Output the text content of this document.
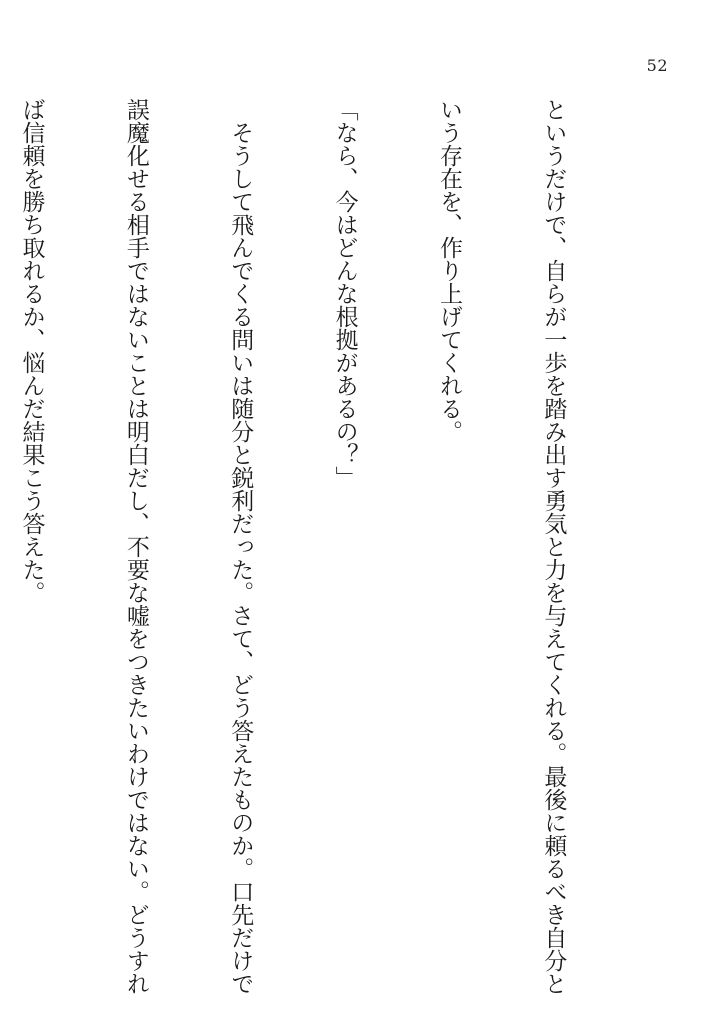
52

というだけで、自らが一歩を踏み出す勇気と力を与えてくれる。最後に頼るべき自分と

いう存在を、作り上げてくれる。

「なら、今はどんな根拠があるの？」

　そうして飛んでくる問いは随分と鋭利だった。さて、どう答えたものか。口先だけで

誤魔化せる相手ではないことは明白だし、不要な嘘をつきたいわけではない。どうすれ

ば信頼を勝ち取れるか、悩んだ結果こう答えた。
